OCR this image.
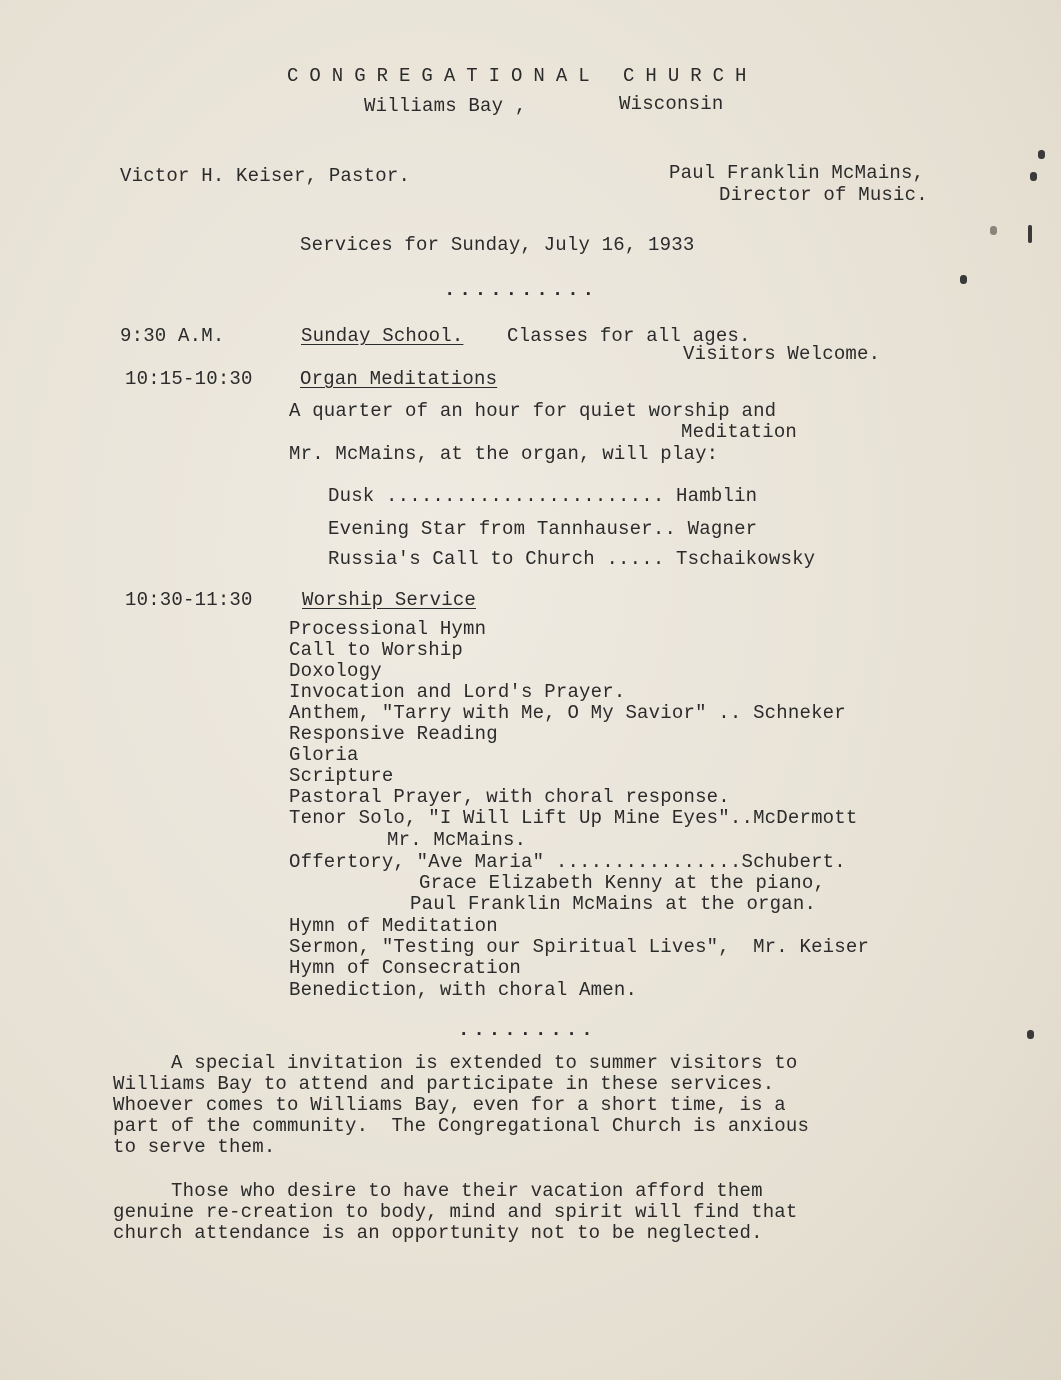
CONGREGATIONAL CHURCH
Williams Bay ,	Wisconsin
Victor H. Keiser, Pastor.	Paul Franklin McMains,
Director of Music.
Services for Sunday, July 16, 1933
..........
9:30 A.M.	Sunday School. Classes for all ages.
Visitors Welcome.
10:15-10:30 Organ Meditations
A quarter of an hour for quiet worship and
Meditation
Mr. McMains, at the organ, will play:
Dusk ........................ Hamblin
Evening Star from Tannhauser.. Wagner
Russia's Call to Church ..... Tschaikowsky
10:30-11:30	Worship Service
Processional Hymn
Call to Worship
Doxology
Invocation and Lord's Prayer.
Anthem, "Tarry with Me, O My Savior" .. Schneker
Responsive Reading
Gloria
Scripture
Pastoral Prayer, with choral response.
Tenor Solo, "I Will Lift Up Mine Eyes"..McDermott
Mr. McMains.
Offertory, "Ave Maria" ................Schubert.
Grace Elizabeth Kenny at the piano,
Paul Franklin McMains at the organ.
Hymn of Meditation
Sermon, "Testing our Spiritual Lives",  Mr. Keiser
Hymn of Consecration
Benediction, with choral Amen.
.........
A special invitation is extended to summer visitors to
Williams Bay to attend and participate in these services.
Whoever comes to Williams Bay, even for a short time, is a
part of the community.  The Congregational Church is anxious
to serve them.
Those who desire to have their vacation afford them
genuine re-creation to body, mind and spirit will find that
church attendance is an opportunity not to be neglected.
